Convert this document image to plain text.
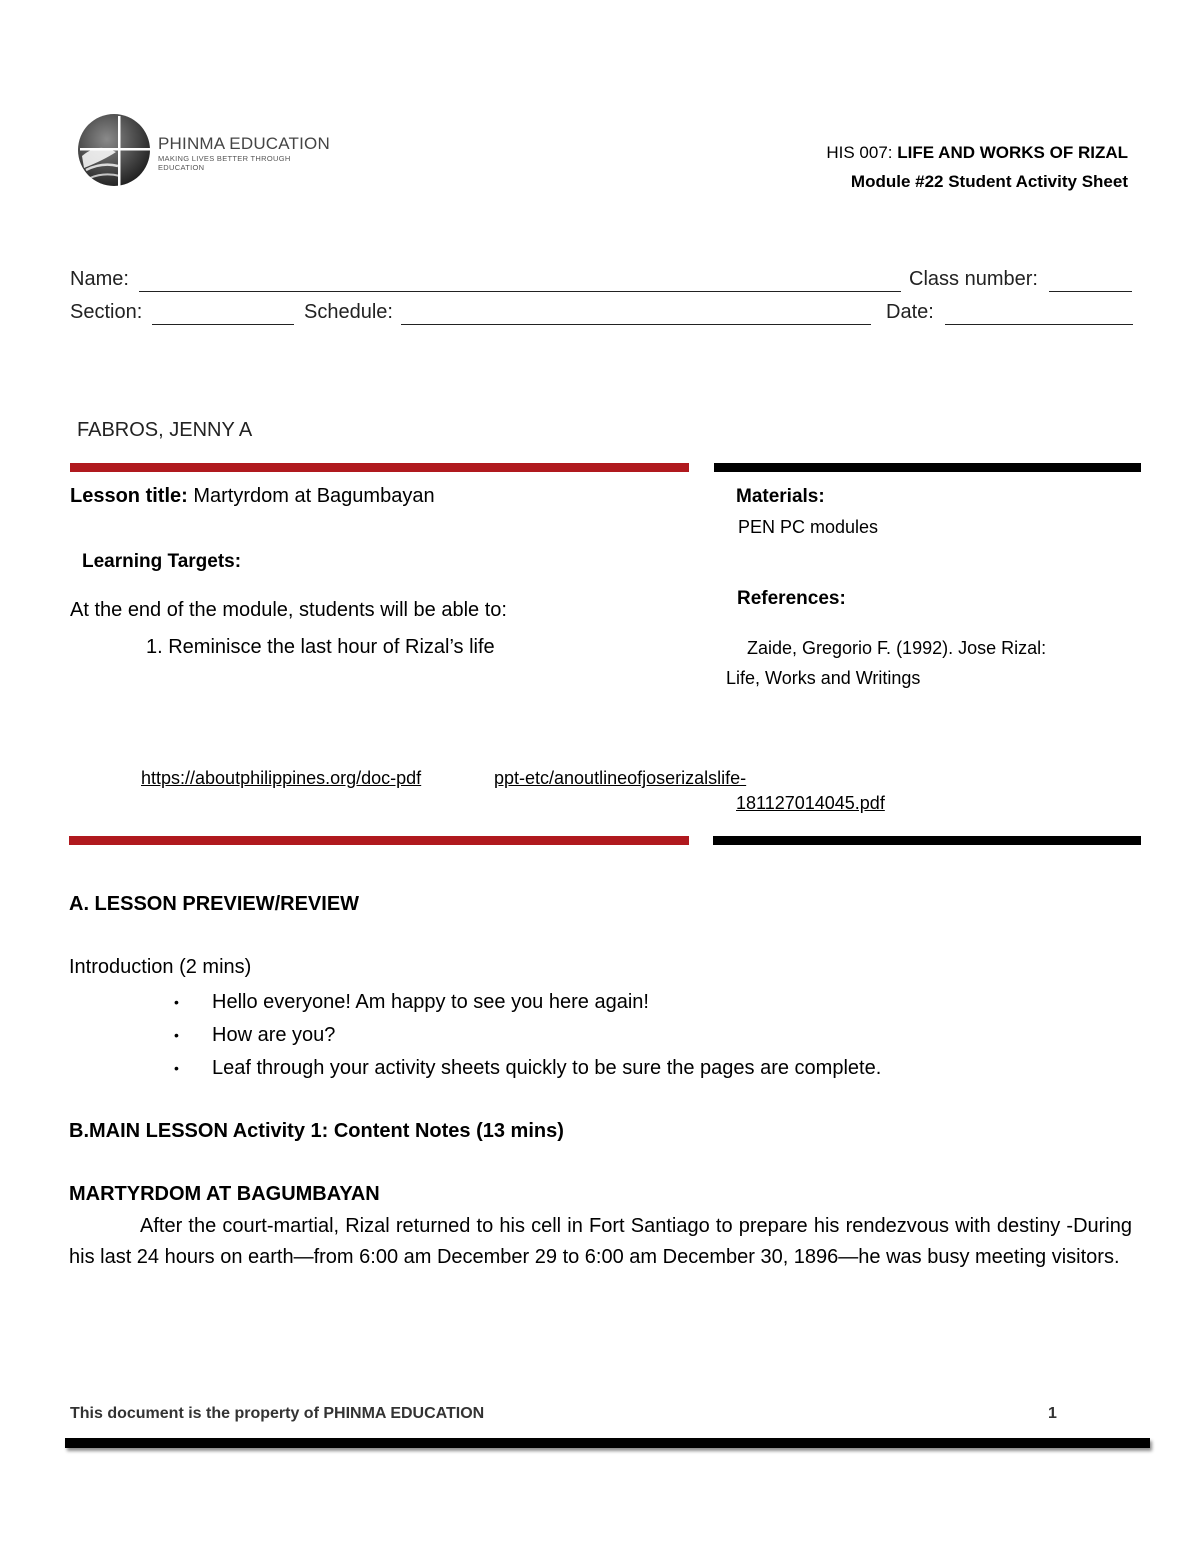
PHINMA EDUCATION
MAKING LIVES BETTER THROUGH EDUCATION
HIS 007: LIFE AND WORKS OF RIZAL
Module #22 Student Activity Sheet
Name:	Class number:
Section:	Schedule:	Date:
FABROS, JENNY A
Lesson title: Martyrdom at Bagumbayan
Learning Targets:
At the end of the module, students will be able to:
1. Reminisce the last hour of Rizal’s life
Materials:
PEN PC modules
References:
Zaide, Gregorio F. (1992). Jose Rizal:
Life, Works and Writings
https://aboutphilippines.org/doc-pdf	ppt-etc/anoutlineofjoserizalslife-
181127014045.pdf
A. LESSON PREVIEW/REVIEW
Introduction (2 mins)
• Hello everyone! Am happy to see you here again!
• How are you?
• Leaf through your activity sheets quickly to be sure the pages are complete.
B.MAIN LESSON Activity 1: Content Notes (13 mins)
MARTYRDOM AT BAGUMBAYAN
After the court-martial, Rizal returned to his cell in Fort Santiago to prepare his rendezvous with destiny -During his last 24 hours on earth—from 6:00 am December 29 to 6:00 am December 30, 1896—he was busy meeting visitors.
This document is the property of PHINMA EDUCATION	1
